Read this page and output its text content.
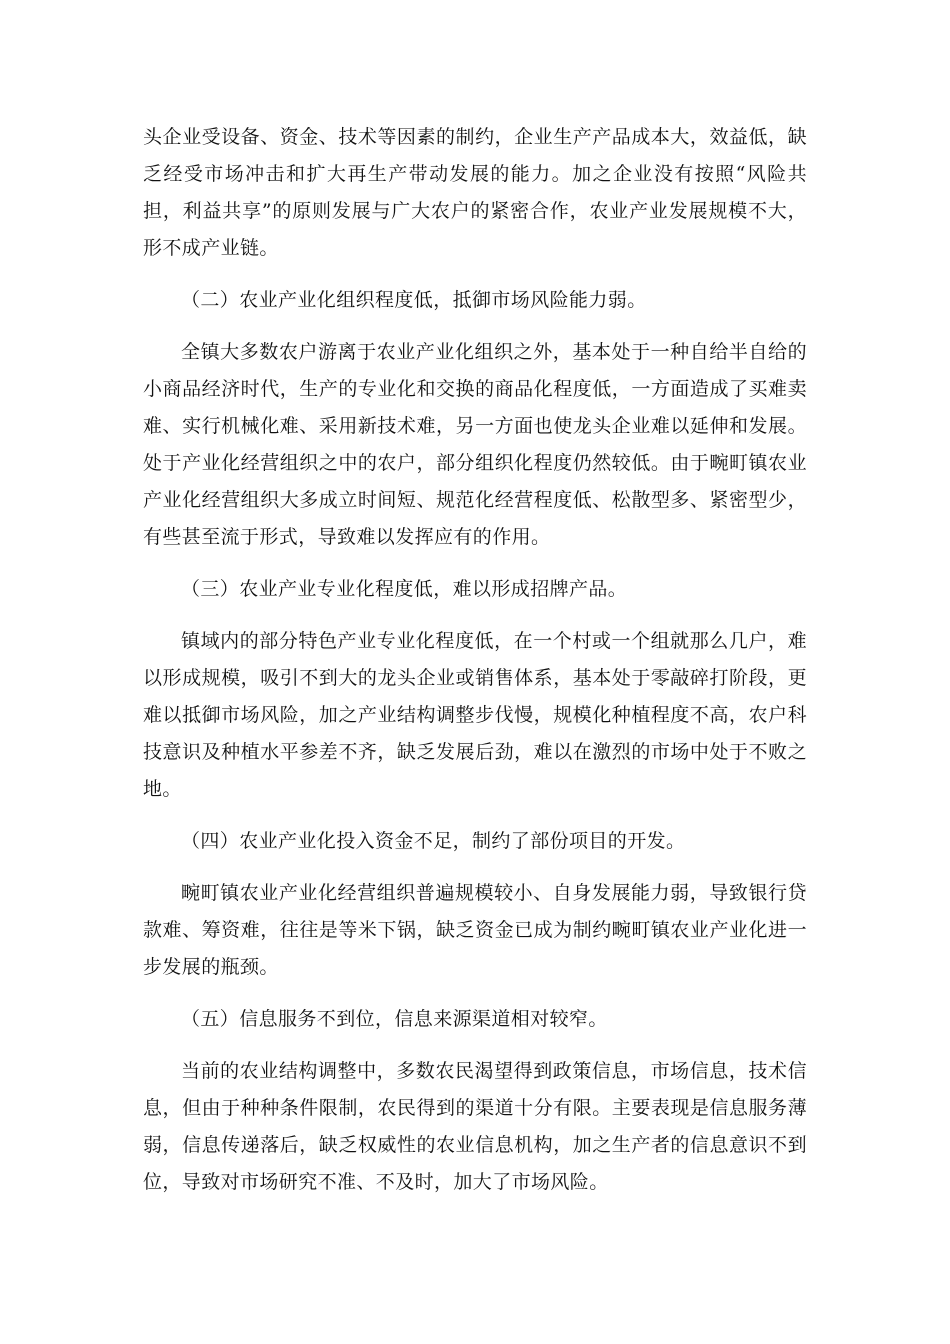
头企业受设备、资金、技术等因素的制约，企业生产产品成本大，效益低，缺乏经受市场冲击和扩大再生产带动发展的能力。加之企业没有按照“风险共担，利益共享”的原则发展与广大农户的紧密合作，农业产业发展规模不大，形不成产业链。

（二）农业产业化组织程度低，抵御市场风险能力弱。

全镇大多数农户游离于农业产业化组织之外，基本处于一种自给半自给的小商品经济时代，生产的专业化和交换的商品化程度低，一方面造成了买难卖难、实行机械化难、采用新技术难，另一方面也使龙头企业难以延伸和发展。处于产业化经营组织之中的农户，部分组织化程度仍然较低。由于畹町镇农业产业化经营组织大多成立时间短、规范化经营程度低、松散型多、紧密型少，有些甚至流于形式，导致难以发挥应有的作用。

（三）农业产业专业化程度低，难以形成招牌产品。

镇域内的部分特色产业专业化程度低，在一个村或一个组就那么几户，难以形成规模，吸引不到大的龙头企业或销售体系，基本处于零敲碎打阶段，更难以抵御市场风险，加之产业结构调整步伐慢，规模化种植程度不高，农户科技意识及种植水平参差不齐，缺乏发展后劲，难以在激烈的市场中处于不败之地。

（四）农业产业化投入资金不足，制约了部份项目的开发。

畹町镇农业产业化经营组织普遍规模较小、自身发展能力弱，导致银行贷款难、筹资难，往往是等米下锅，缺乏资金已成为制约畹町镇农业产业化进一步发展的瓶颈。

（五）信息服务不到位，信息来源渠道相对较窄。

当前的农业结构调整中，多数农民渴望得到政策信息，市场信息，技术信息，但由于种种条件限制，农民得到的渠道十分有限。主要表现是信息服务薄弱，信息传递落后，缺乏权威性的农业信息机构，加之生产者的信息意识不到位，导致对市场研究不准、不及时，加大了市场风险。
